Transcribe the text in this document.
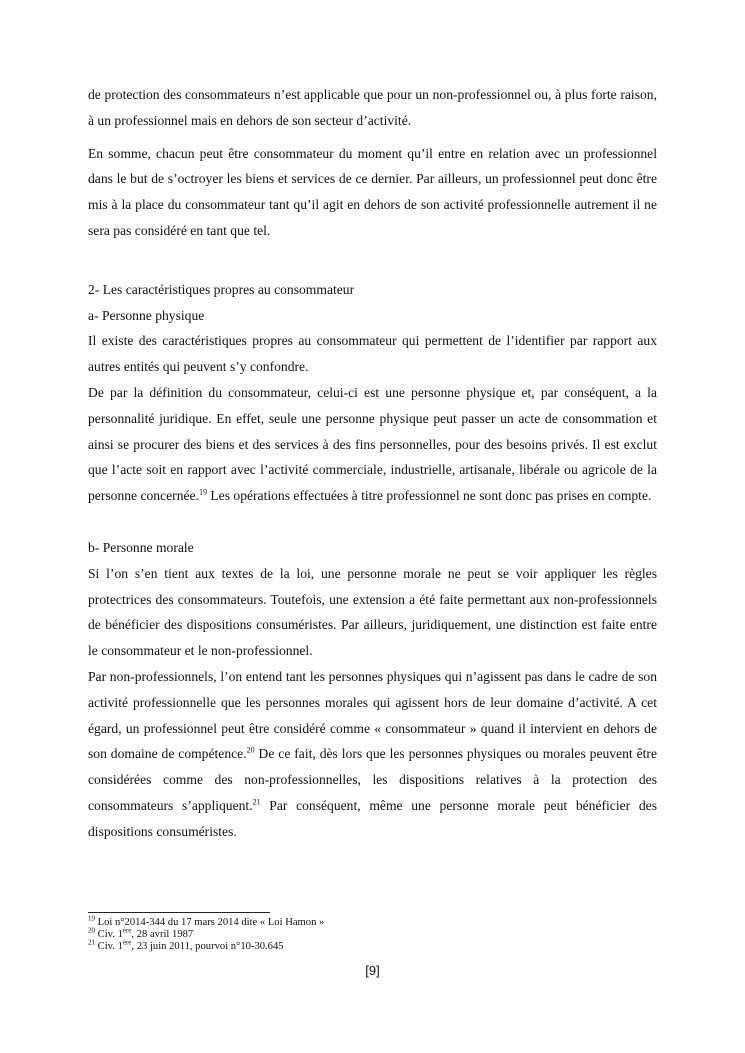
de protection des consommateurs n’est applicable que pour un non-professionnel ou, à plus forte raison, à un professionnel mais en dehors de son secteur d’activité.

En somme, chacun peut être consommateur du moment qu’il entre en relation avec un professionnel dans le but de s’octroyer les biens et services de ce dernier. Par ailleurs, un professionnel peut donc être mis à la place du consommateur tant qu’il agit en dehors de son activité professionnelle autrement il ne sera pas considéré en tant que tel.

2- Les caractéristiques propres au consommateur

a- Personne physique

Il existe des caractéristiques propres au consommateur qui permettent de l’identifier par rapport aux autres entités qui peuvent s’y confondre.

De par la définition du consommateur, celui-ci est une personne physique et, par conséquent, a la personnalité juridique. En effet, seule une personne physique peut passer un acte de consommation et ainsi se procurer des biens et des services à des fins personnelles, pour des besoins privés. Il est exclut que l’acte soit en rapport avec l’activité commerciale, industrielle, artisanale, libérale ou agricole de la personne concernée.$^{19}$ Les opérations effectuées à titre professionnel ne sont donc pas prises en compte.

b- Personne morale

Si l’on s’en tient aux textes de la loi, une personne morale ne peut se voir appliquer les règles protectrices des consommateurs. Toutefois, une extension a été faite permettant aux non-professionnels de bénéficier des dispositions consuméristes. Par ailleurs, juridiquement, une distinction est faite entre le consommateur et le non-professionnel.

Par non-professionnels, l’on entend tant les personnes physiques qui n’agissent pas dans le cadre de son activité professionnelle que les personnes morales qui agissent hors de leur domaine d’activité. A cet égard, un professionnel peut être considéré comme « consommateur » quand il intervient en dehors de son domaine de compétence.$^{20}$ De ce fait, dès lors que les personnes physiques ou morales peuvent être considérées comme des non-professionnelles, les dispositions relatives à la protection des consommateurs s’appliquent.$^{21}$ Par conséquent, même une personne morale peut bénéficier des dispositions consuméristes.

$^{19}$ Loi n°2014-344 du 17 mars 2014 dite « Loi Hamon »
$^{20}$ Civ. 1ère, 28 avril 1987
$^{21}$ Civ. 1ère, 23 juin 2011, pourvoi n°10-30.645
[9]
